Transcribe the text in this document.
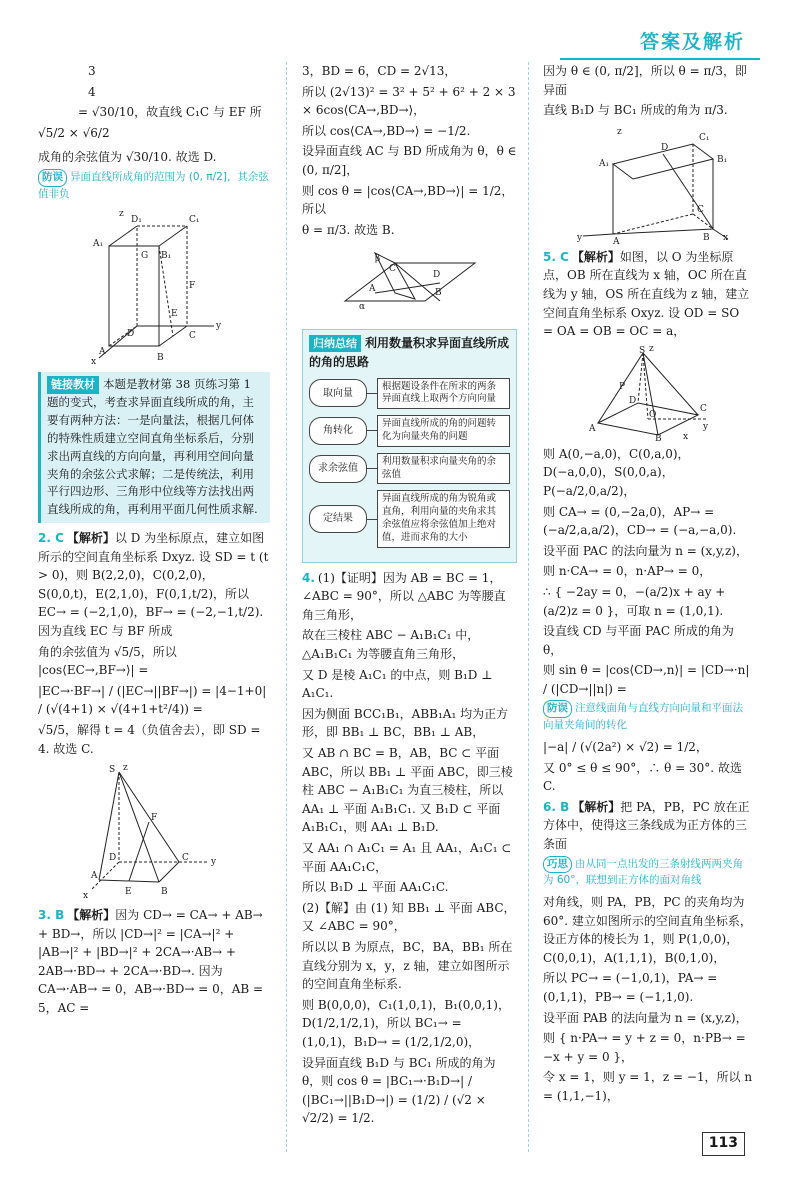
答案及解析

3

4

= √30/10，故直线 C₁C 与 EF 所

√5/2 × √6/2

成角的余弦值为 √30/10. 故选 D.

防误 异面直线所成角的范围为 (0, π/2]，其余弦值非负
D₁	C₁
A₁
B₁
G
F
E
D	C
y
A
B
x
z
链接教材 本题是教材第 38 页练习第 1 题的变式，考查求异面直线所成的角，主要有两种方法：一是向量法，根据几何体的特殊性质建立空间直角坐标系后，分别求出两直线的方向向量，再利用空间向量夹角的余弦公式求解；二是传统法，利用平行四边形、三角形中位线等方法找出两直线所成的角，再利用平面几何性质求解.

2. C 【解析】以 D 为坐标原点，建立如图所示的空间直角坐标系 Dxyz. 设 SD = t (t > 0)，则 B(2,2,0)，C(0,2,0)，S(0,0,t)，E(2,1,0)，F(0,1,t/2)，所以 EC→ = (−2,1,0)，BF→ = (−2,−1,t/2). 因为直线 EC 与 BF 所成

角的余弦值为 √5/5，所以 |cos⟨EC→,BF→⟩| =

|EC→·BF→| / (|EC→||BF→|) = |4−1+0| / (√(4+1) × √(4+1+t²/4)) =

√5/5，解得 t = 4（负值舍去），即 SD = 4. 故选 C.

S
F
D	C y
A
E	B
x
z

3. B 【解析】因为 CD→ = CA→ + AB→ + BD→，所以 |CD→|² = |CA→|² + |AB→|² + |BD→|² + 2CA→·AB→ + 2AB→·BD→ + 2CA→·BD→. 因为 CA→·AB→ = 0，AB→·BD→ = 0，AB = 5，AC =

3，BD = 6，CD = 2√13，

所以 (2√13)² = 3² + 5² + 6² + 2 × 3 × 6cos⟨CA→,BD→⟩，

所以 cos⟨CA→,BD→⟩ = −1/2.

设异面直线 AC 与 BD 所成角为 θ，θ ∈ (0, π/2]，

则 cos θ = |cos⟨CA→,BD→⟩| = 1/2，所以

θ = π/3. 故选 B.

β
C
D
A	B
α
归纳总结 利用数量积求异面直线所成的角的思路
取向量
根据题设条件在所求的两条异面直线上取两个方向向量
角转化
异面直线所成的角的问题转化为向量夹角的问题
求余弦值
利用数量积求向量夹角的余弦值
定结果
异面直线所成的角为锐角或直角，利用向量的夹角求其余弦值应将余弦值加上绝对值，进而求角的大小

4. (1)【证明】因为 AB = BC = 1，∠ABC = 90°，所以 △ABC 为等腰直角三角形，

故在三棱柱 ABC − A₁B₁C₁ 中，△A₁B₁C₁ 为等腰直角三角形，

又 D 是棱 A₁C₁ 的中点，则 B₁D ⊥ A₁C₁.

因为侧面 BCC₁B₁，ABB₁A₁ 均为正方形，即 BB₁ ⊥ BC，BB₁ ⊥ AB，

又 AB ∩ BC = B，AB，BC ⊂ 平面 ABC，所以 BB₁ ⊥ 平面 ABC，即三棱柱 ABC − A₁B₁C₁ 为直三棱柱，所以 AA₁ ⊥ 平面 A₁B₁C₁. 又 B₁D ⊂ 平面 A₁B₁C₁，则 AA₁ ⊥ B₁D.

又 AA₁ ∩ A₁C₁ = A₁ 且 AA₁，A₁C₁ ⊂ 平面 AA₁C₁C，

所以 B₁D ⊥ 平面 AA₁C₁C.

(2)【解】由 (1) 知 BB₁ ⊥ 平面 ABC，又 ∠ABC = 90°，

所以以 B 为原点，BC，BA，BB₁ 所在直线分别为 x，y，z 轴，建立如图所示的空间直角坐标系.

则 B(0,0,0)，C₁(1,0,1)，B₁(0,0,1)，D(1/2,1/2,1)，所以 BC₁→ = (1,0,1)，B₁D→ = (1/2,1/2,0)，

设异面直线 B₁D 与 BC₁ 所成的角为 θ，则 cos θ = |BC₁→·B₁D→| / (|BC₁→||B₁D→|) = (1/2) / (√2 × √2/2) = 1/2.

因为 θ ∈ (0, π/2]，所以 θ = π/3，即异面

直线 B₁D 与 BC₁ 所成的角为 π/3.

C₁
D
B₁
A₁
C
x
y	A	B
z

5. C 【解析】如图，以 O 为坐标原点，OB 所在直线为 x 轴，OC 所在直线为 y 轴，OS 所在直线为 z 轴，建立空间直角坐标系 Oxyz. 设 OD = SO = OA = OB = OC = a，

S
P
D
O
C
y
A
B x
z

则 A(0,−a,0)，C(0,a,0)，D(−a,0,0)，S(0,0,a)，P(−a/2,0,a/2)，

则 CA→ = (0,−2a,0)，AP→ = (−a/2,a,a/2)，CD→ = (−a,−a,0).

设平面 PAC 的法向量为 n = (x,y,z)，

则 n·CA→ = 0，n·AP→ = 0，

∴ { −2ay = 0，−(a/2)x + ay + (a/2)z = 0 }，可取 n = (1,0,1).

设直线 CD 与平面 PAC 所成的角为 θ，

则 sin θ = |cos⟨CD→,n⟩| = |CD→·n| / (|CD→||n|) =

防误 注意线面角与直线方向向量和平面法向量夹角间的转化

|−a| / (√(2a²) × √2) = 1/2，

又 0° ≤ θ ≤ 90°，∴ θ = 30°. 故选 C.

6. B 【解析】把 PA，PB，PC 放在正方体中，使得这三条线成为正方体的三条面

巧思 由从同一点出发的三条射线两两夹角为 60°，联想到正方体的面对角线

对角线，则 PA，PB，PC 的夹角均为 60°. 建立如图所示的空间直角坐标系，设正方体的棱长为 1，则 P(1,0,0)，C(0,0,1)，A(1,1,1)，B(0,1,0)，

所以 PC→ = (−1,0,1)，PA→ = (0,1,1)，PB→ = (−1,1,0).

设平面 PAB 的法向量为 n = (x,y,z)，

则 { n·PA→ = y + z = 0，n·PB→ = −x + y = 0 }，

令 x = 1，则 y = 1，z = −1，所以 n = (1,1,−1)，

113
